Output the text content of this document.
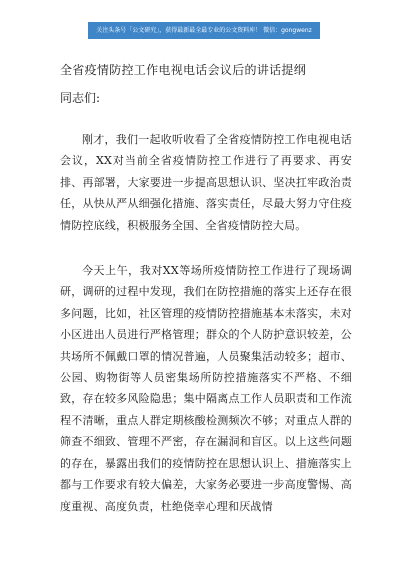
关注头条号「公文研究」，获得最新最全最专业的公文资料库！ 微信：gongwenz
全省疫情防控工作电视电话会议后的讲话提纲

同志们:

刚才，我们一起收听收看了全省疫情防控工作电视电话会议，XX对当前全省疫情防控工作进行了再要求、再安排、再部署，大家要进一步提高思想认识、坚决扛牢政治责任，从快从严从细强化措施、落实责任，尽最大努力守住疫情防控底线，积极服务全国、全省疫情防控大局。

今天上午，我对XX等场所疫情防控工作进行了现场调研，调研的过程中发现，我们在防控措施的落实上还存在很多问题，比如，社区管理的疫情防控措施基本未落实，未对小区进出人员进行严格管理；群众的个人防护意识较差，公共场所不佩戴口罩的情况普遍，人员聚集活动较多；超市、公园、购物街等人员密集场所防控措施落实不严格、不细致，存在较多风险隐患；集中隔离点工作人员职责和工作流程不清晰，重点人群定期核酸检测频次不够；对重点人群的筛查不细致、管理不严密，存在漏洞和盲区。以上这些问题的存在，暴露出我们的疫情防控在思想认识上、措施落实上都与工作要求有较大偏差，大家务必要进一步高度警惕、高度重视、高度负责，杜绝侥幸心理和厌战情
